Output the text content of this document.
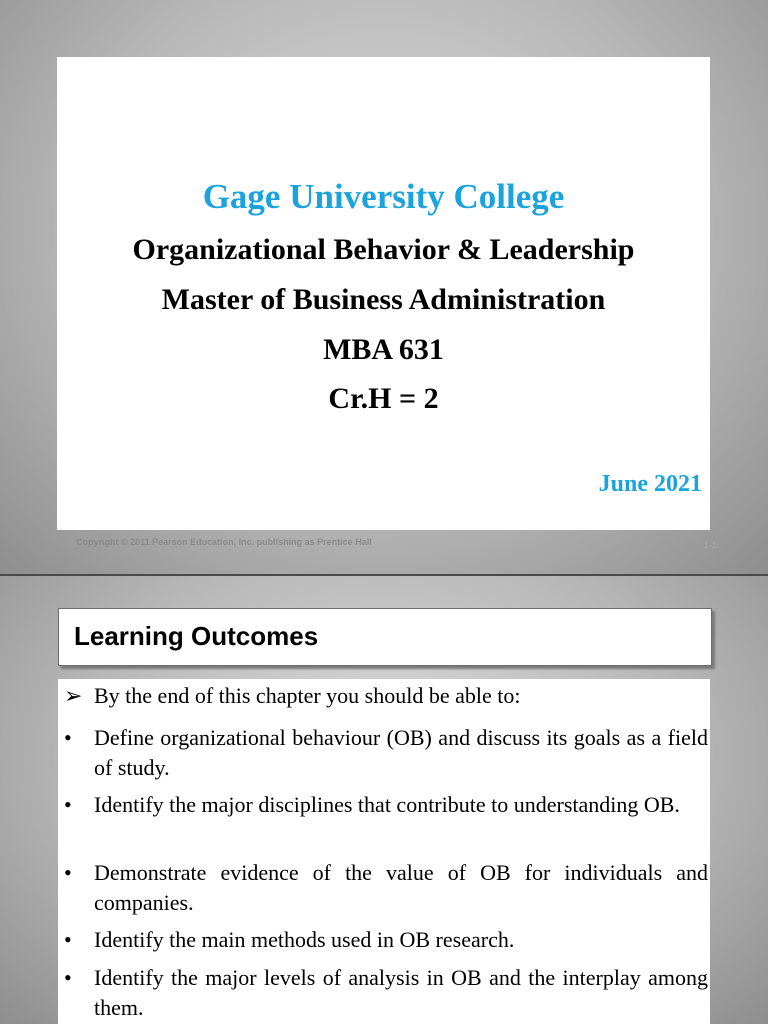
Gage University College
Organizational Behavior & Leadership
Master of Business Administration
MBA 631
Cr.H = 2
June 2021
Copyright © 2011 Pearson Education, Inc. publishing as Prentice Hall	1-1
Learning Outcomes
➢ By the end of this chapter you should be able to:
•	Define organizational behaviour (OB) and discuss its goals as a field of study.
•	Identify the major disciplines that contribute to understanding OB.
•	Demonstrate evidence of the value of OB for individuals and companies.
•	Identify the main methods used in OB research.
•	Identify the major levels of analysis in OB and the interplay among them.
